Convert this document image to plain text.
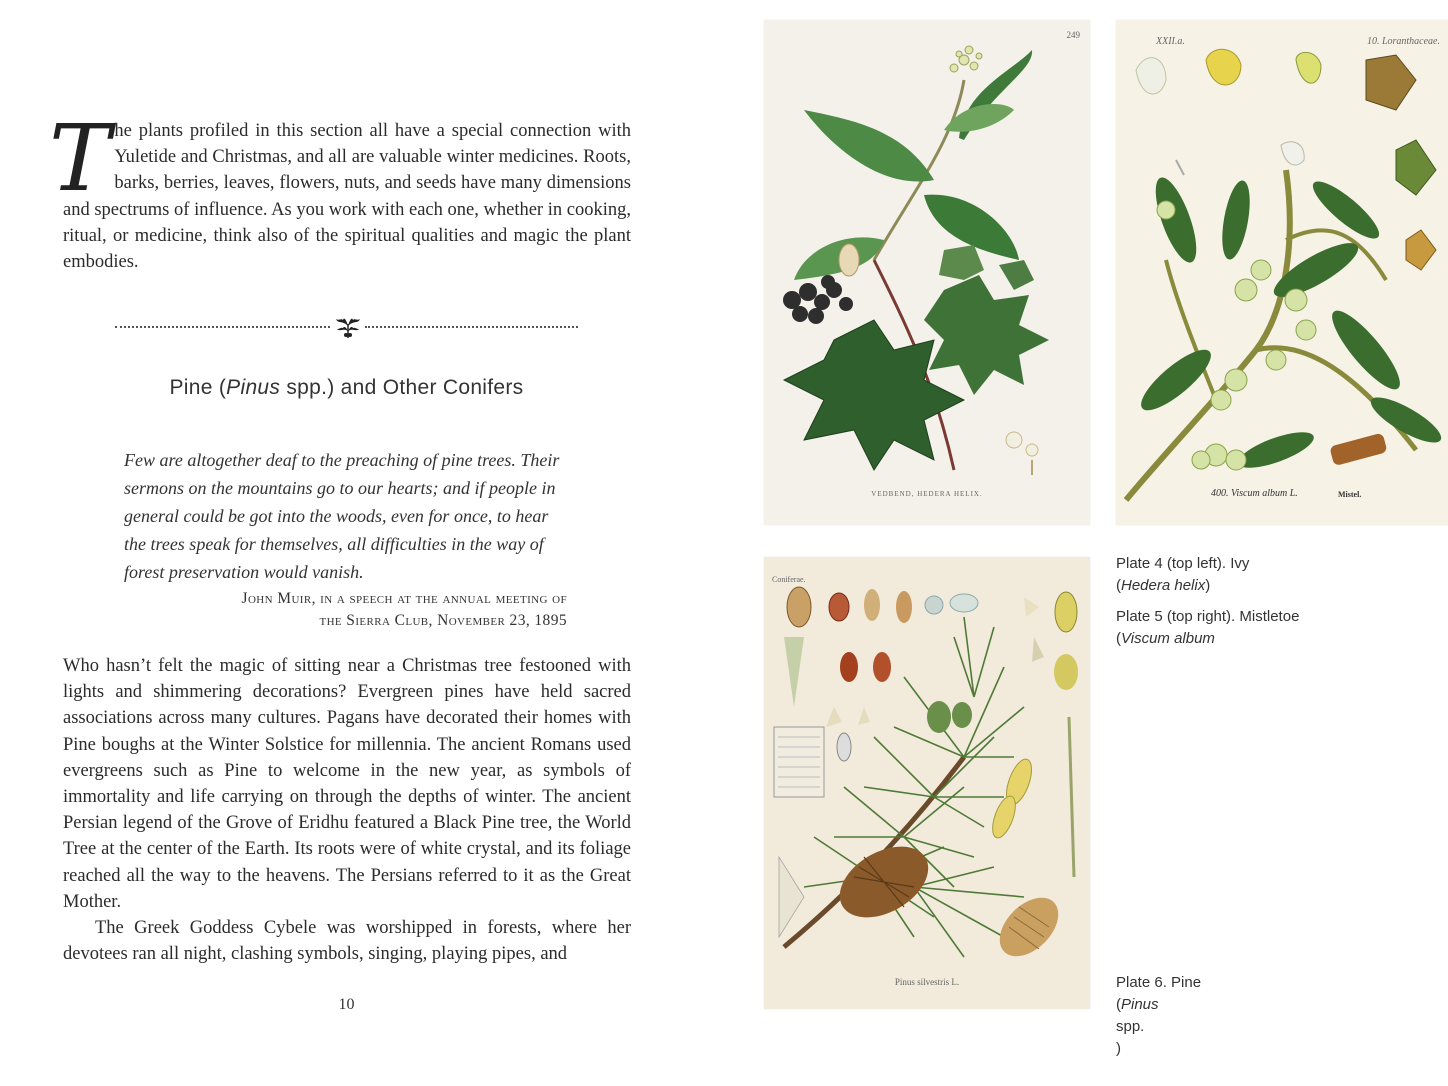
The plants profiled in this section all have a special connection with Yuletide and Christmas, and all are valuable winter medicines. Roots, barks, berries, leaves, flowers, nuts, and seeds have many dimensions and spectrums of influence. As you work with each one, whether in cooking, ritual, or medicine, think also of the spiritual qualities and magic the plant embodies.
Pine (Pinus spp.) and Other Conifers
Few are altogether deaf to the preaching of pine trees. Their sermons on the mountains go to our hearts; and if people in general could be got into the woods, even for once, to hear the trees speak for themselves, all difficulties in the way of forest preservation would vanish.
John Muir, in a speech at the annual meeting of
the Sierra Club, November 23, 1895

Who hasn’t felt the magic of sitting near a Christmas tree festooned with lights and shimmering decorations? Evergreen pines have held sacred associations across many cultures. Pagans have decorated their homes with Pine boughs at the Winter Solstice for millennia. The ancient Romans used evergreens such as Pine to welcome in the new year, as symbols of immortality and life carrying on through the depths of winter. The ancient Persian legend of the Grove of Eridhu featured a Black Pine tree, the World Tree at the center of the Earth. Its roots were of white crystal, and its foliage reached all the way to the heavens. The Persians referred to it as the Great Mother.

The Greek Goddess Cybele was worshipped in forests, where her devotees ran all night, clashing symbols, singing, playing pipes, and

10
249
VEDBEND, HEDERA HELIX.
XXII.a.	10. Loranthaceae.
400. Viscum album L.	Mistel.
Coniferae.
Pinus silvestris L.
Plate 4 (top left). Ivy
(Hedera helix)
Plate 5 (top right). Mistletoe
(Viscum album
Plate 6. Pine
(Pinus
spp.
)
